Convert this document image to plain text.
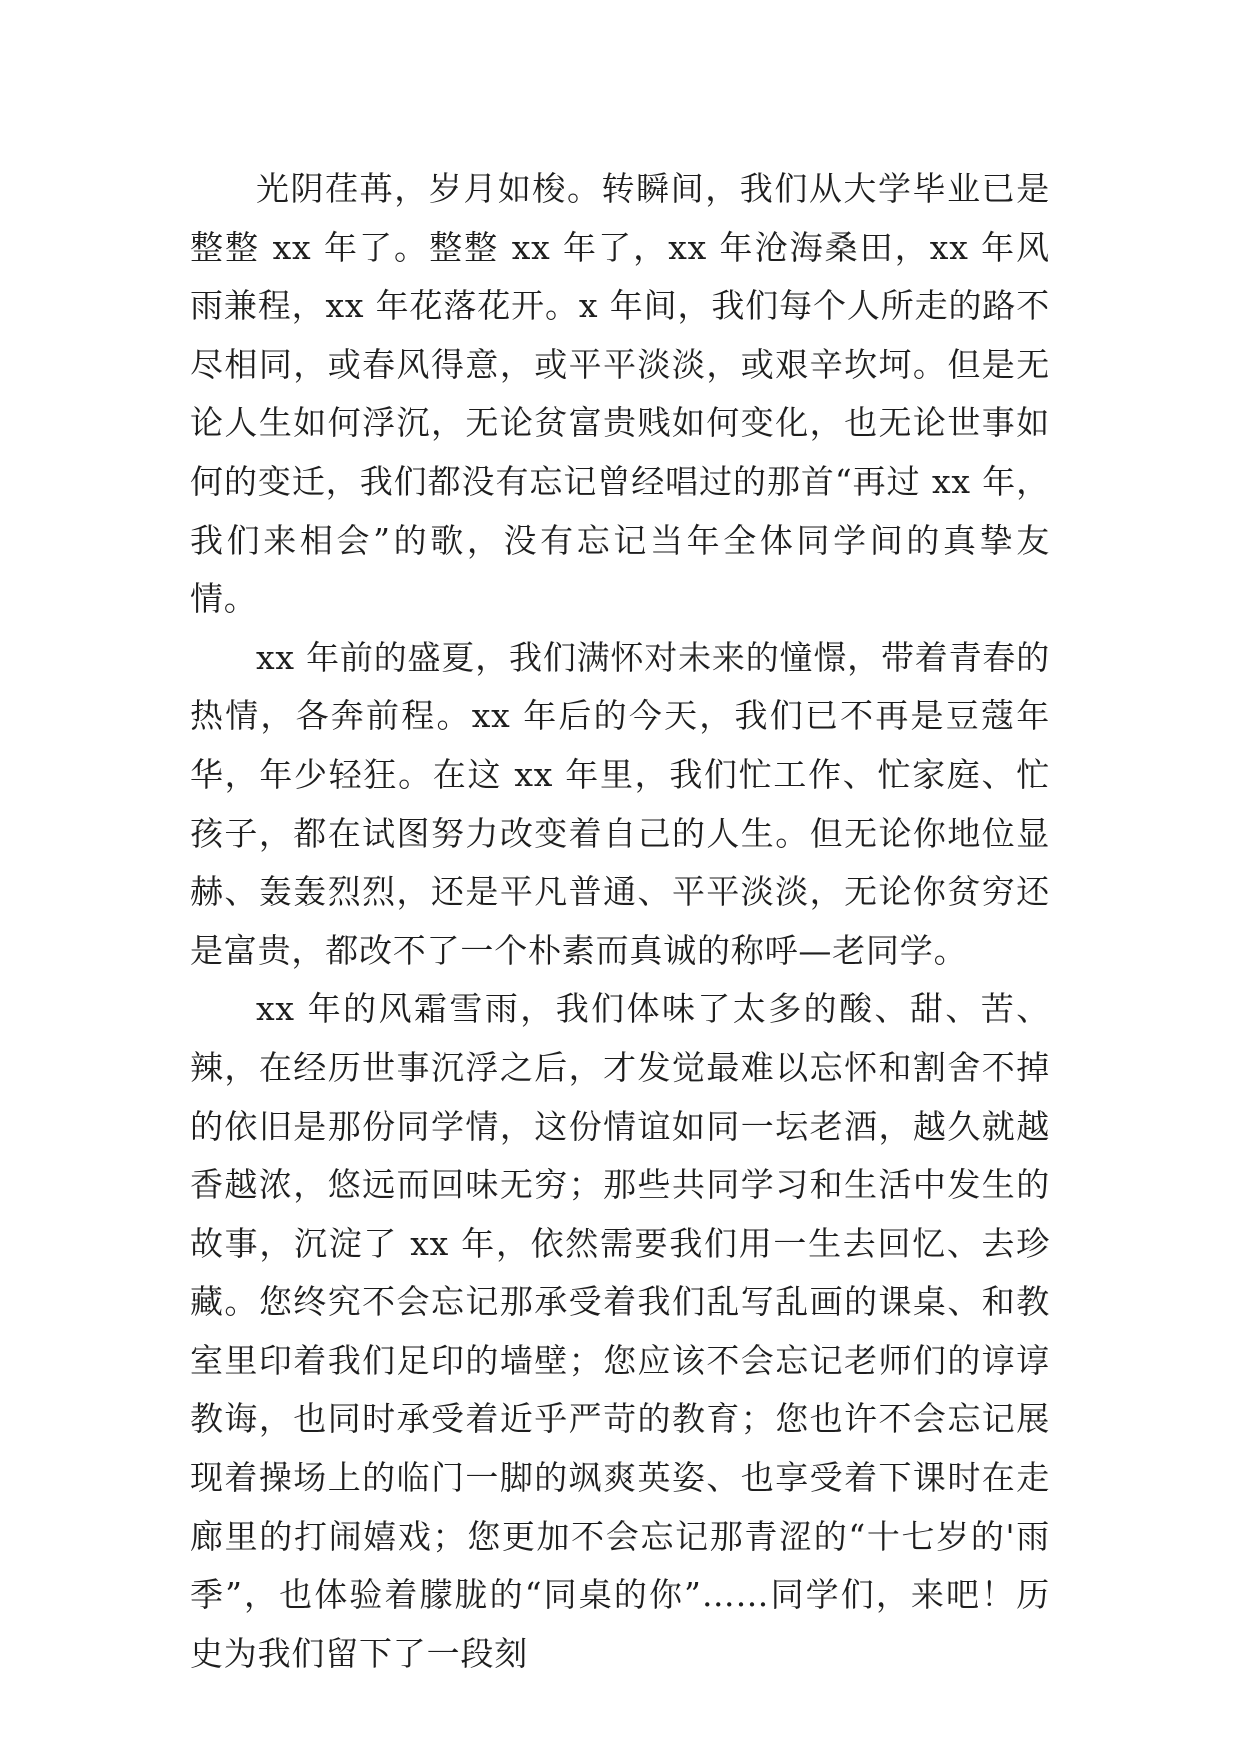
光阴荏苒，岁月如梭。转瞬间，我们从大学毕业已是整整 xx 年了。整整 xx 年了，xx 年沧海桑田，xx 年风雨兼程，xx 年花落花开。x 年间，我们每个人所走的路不尽相同，或春风得意，或平平淡淡，或艰辛坎坷。但是无论人生如何浮沉，无论贫富贵贱如何变化，也无论世事如何的变迁，我们都没有忘记曾经唱过的那首“再过 xx 年，我们来相会”的歌，没有忘记当年全体同学间的真挚友情。

xx 年前的盛夏，我们满怀对未来的憧憬，带着青春的热情，各奔前程。xx 年后的今天，我们已不再是豆蔻年华，年少轻狂。在这 xx 年里，我们忙工作、忙家庭、忙孩子，都在试图努力改变着自己的人生。但无论你地位显赫、轰轰烈烈，还是平凡普通、平平淡淡，无论你贫穷还是富贵，都改不了一个朴素而真诚的称呼—老同学。

xx 年的风霜雪雨，我们体味了太多的酸、甜、苦、辣，在经历世事沉浮之后，才发觉最难以忘怀和割舍不掉的依旧是那份同学情，这份情谊如同一坛老酒，越久就越香越浓，悠远而回味无穷；那些共同学习和生活中发生的故事，沉淀了 xx 年，依然需要我们用一生去回忆、去珍藏。您终究不会忘记那承受着我们乱写乱画的课桌、和教室里印着我们足印的墙壁；您应该不会忘记老师们的谆谆教诲，也同时承受着近乎严苛的教育；您也许不会忘记展现着操场上的临门一脚的飒爽英姿、也享受着下课时在走廊里的打闹嬉戏；您更加不会忘记那青涩的“十七岁的'雨季”，也体验着朦胧的“同桌的你”……同学们，来吧！历史为我们留下了一段刻
